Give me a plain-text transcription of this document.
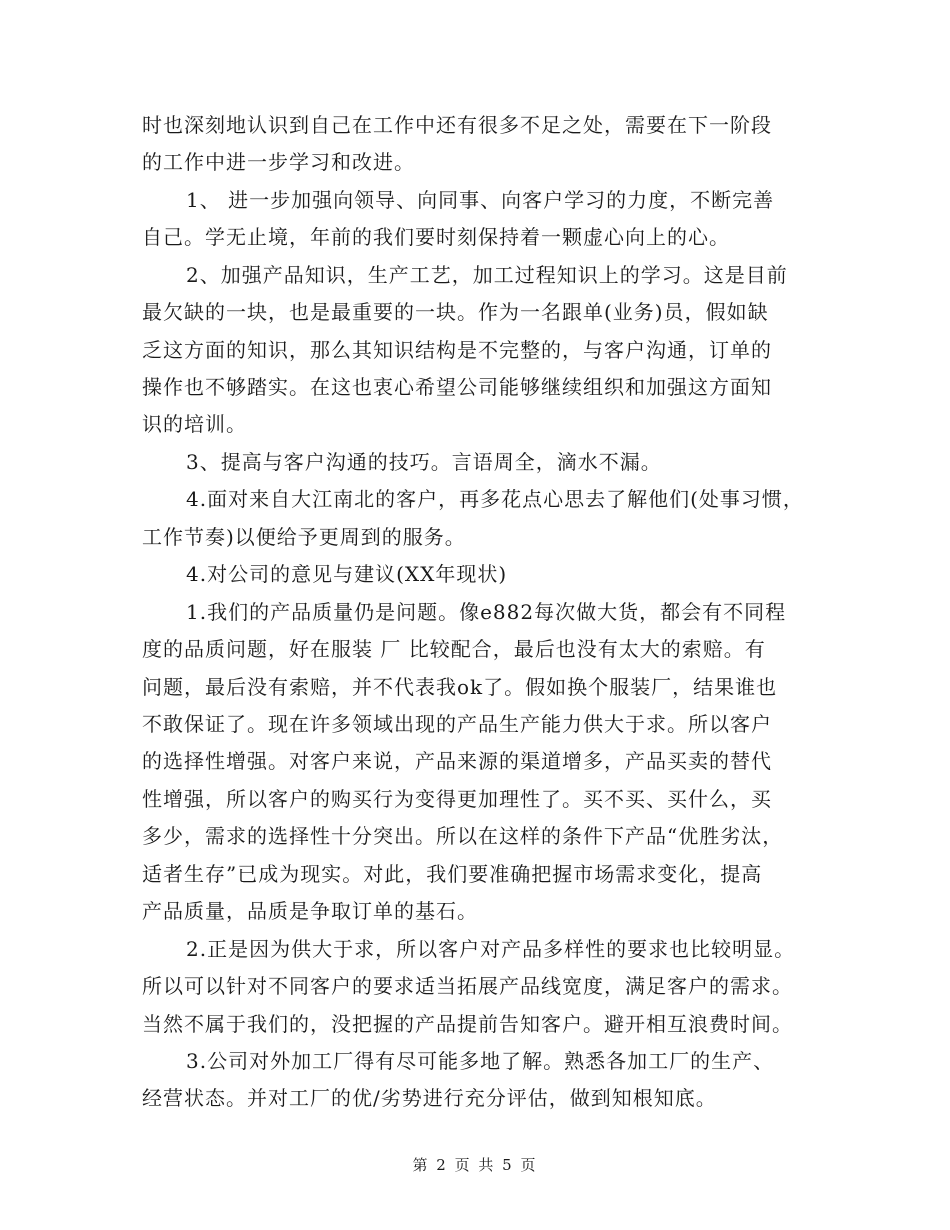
时也深刻地认识到自己在工作中还有很多不足之处，需要在下一阶段
的工作中进一步学习和改进。
1、 进一步加强向领导、向同事、向客户学习的力度，不断完善
自己。学无止境，年前的我们要时刻保持着一颗虚心向上的心。
2、加强产品知识，生产工艺，加工过程知识上的学习。这是目前
最欠缺的一块，也是最重要的一块。作为一名跟单(业务)员，假如缺
乏这方面的知识，那么其知识结构是不完整的，与客户沟通，订单的
操作也不够踏实。在这也衷心希望公司能够继续组织和加强这方面知
识的培训。
3、提高与客户沟通的技巧。言语周全，滴水不漏。
4.面对来自大江南北的客户，再多花点心思去了解他们(处事习惯，
工作节奏)以便给予更周到的服务。
4.对公司的意见与建议(XX年现状)
1.我们的产品质量仍是问题。像e882每次做大货，都会有不同程
度的品质问题，好在服装 厂 比较配合，最后也没有太大的索赔。有
问题，最后没有索赔，并不代表我ok了。假如换个服装厂，结果谁也
不敢保证了。现在许多领域出现的产品生产能力供大于求。所以客户
的选择性增强。对客户来说，产品来源的渠道增多，产品买卖的替代
性增强，所以客户的购买行为变得更加理性了。买不买、买什么，买
多少，需求的选择性十分突出。所以在这样的条件下产品“优胜劣汰，
适者生存”已成为现实。对此，我们要准确把握市场需求变化，提高
产品质量，品质是争取订单的基石。
2.正是因为供大于求，所以客户对产品多样性的要求也比较明显。
所以可以针对不同客户的要求适当拓展产品线宽度，满足客户的需求。
当然不属于我们的，没把握的产品提前告知客户。避开相互浪费时间。
3.公司对外加工厂得有尽可能多地了解。熟悉各加工厂的生产、
经营状态。并对工厂的优/劣势进行充分评估，做到知根知底。
第 2 页 共 5 页
